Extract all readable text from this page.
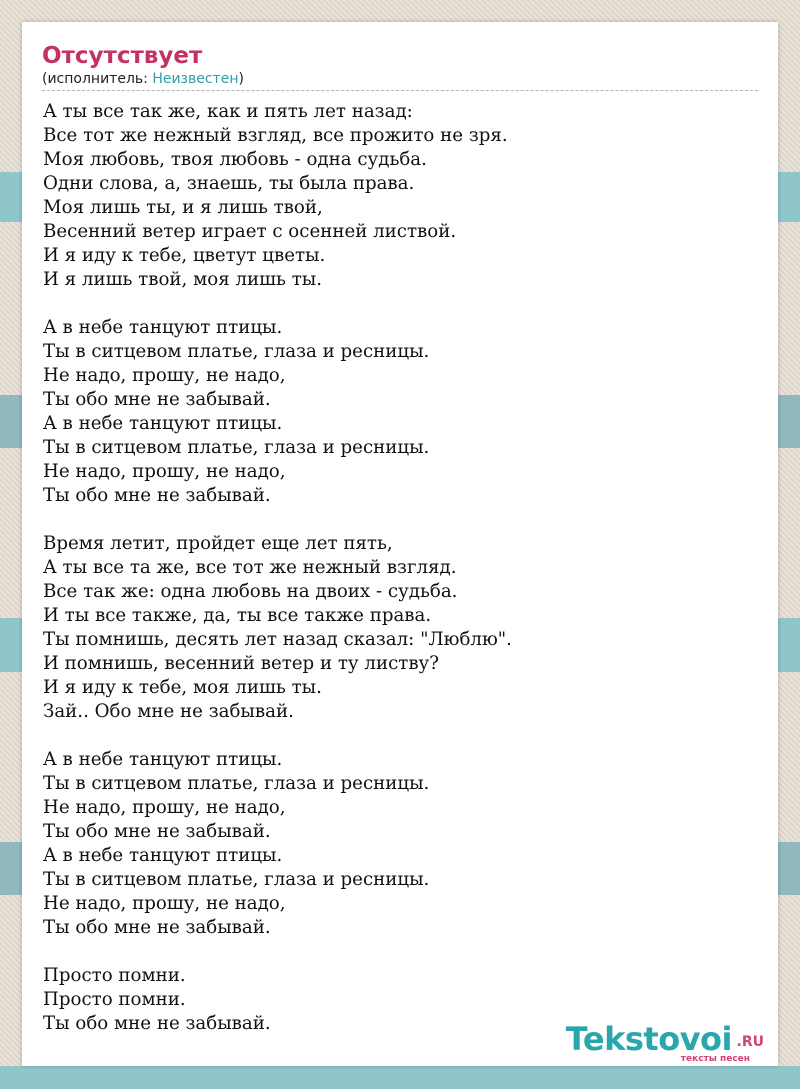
Отсутствует
(исполнитель: Неизвестен)
А ты все так же, как и пять лет назад:
Все тот же нежный взгляд, все прожито не зря.
Моя любовь, твоя любовь - одна судьба.
Одни слова, а, знаешь, ты была права.
Моя лишь ты, и я лишь твой,
Весенний ветер играет с осенней листвой.
И я иду к тебе, цветут цветы.
И я лишь твой, моя лишь ты.
А в небе танцуют птицы.
Ты в ситцевом платье, глаза и ресницы.
Не надо, прошу, не надо,
Ты обо мне не забывай.
А в небе танцуют птицы.
Ты в ситцевом платье, глаза и ресницы.
Не надо, прошу, не надо,
Ты обо мне не забывай.
Время летит, пройдет еще лет пять,
А ты все та же, все тот же нежный взгляд.
Все так же: одна любовь на двоих - судьба.
И ты все также, да, ты все также права.
Ты помнишь, десять лет назад сказал: "Люблю".
И помнишь, весенний ветер и ту листву?
И я иду к тебе, моя лишь ты.
Зай.. Обо мне не забывай.
А в небе танцуют птицы.
Ты в ситцевом платье, глаза и ресницы.
Не надо, прошу, не надо,
Ты обо мне не забывай.
А в небе танцуют птицы.
Ты в ситцевом платье, глаза и ресницы.
Не надо, прошу, не надо,
Ты обо мне не забывай.
Просто помни.
Просто помни.
Ты обо мне не забывай.	Tekstovoi .RU
тексты песен
